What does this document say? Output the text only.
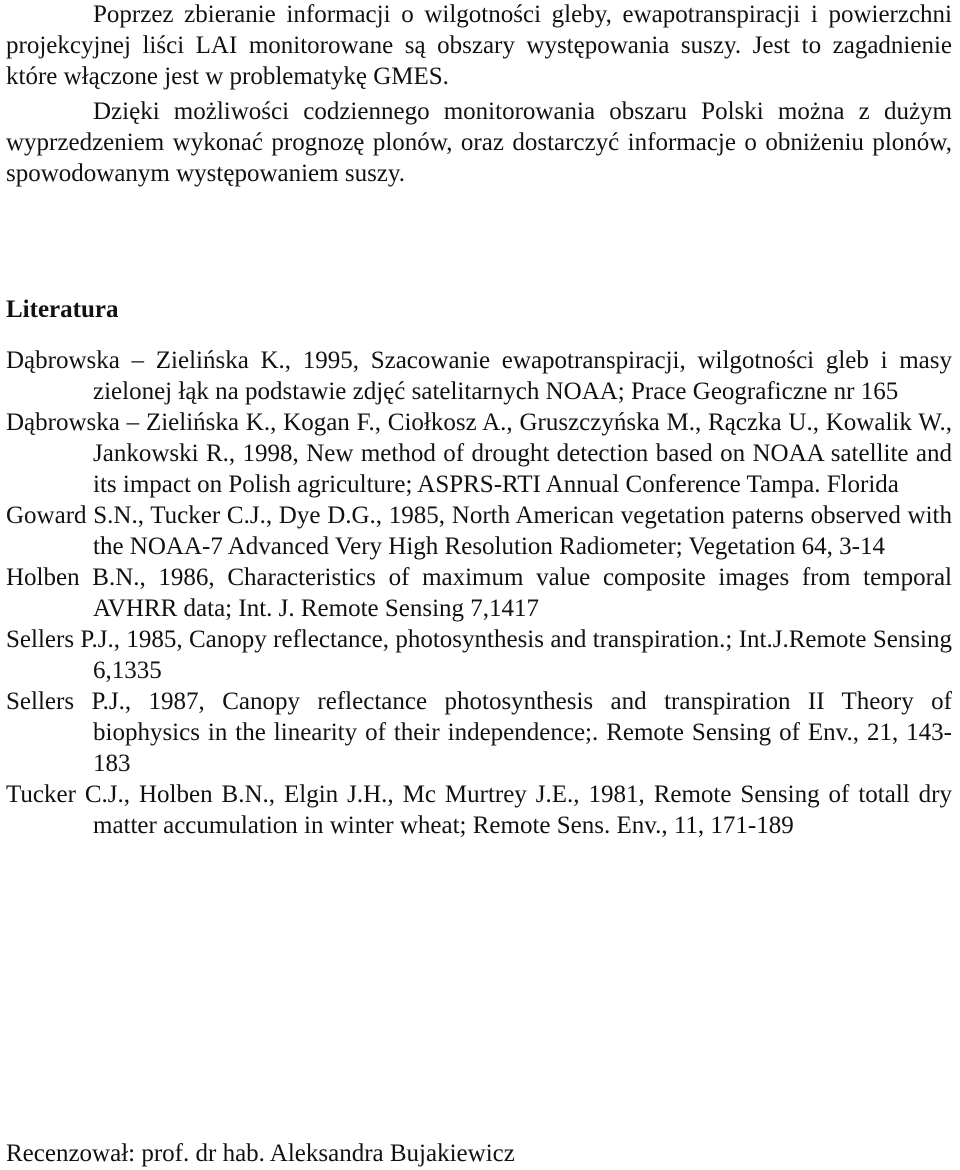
Poprzez zbieranie informacji o wilgotności gleby, ewapotranspiracji i powierzchni projekcyjnej liści LAI monitorowane są obszary występowania suszy. Jest to zagadnienie które włączone jest w problematykę GMES.

Dzięki możliwości codziennego monitorowania obszaru Polski można z dużym wyprzedzeniem wykonać prognozę plonów, oraz dostarczyć informacje o obniżeniu plonów, spowodowanym występowaniem suszy.

Literatura

Dąbrowska – Zielińska K., 1995, Szacowanie ewapotranspiracji, wilgotności gleb i masy zielonej łąk na podstawie zdjęć satelitarnych NOAA; Prace Geograficzne nr 165

Dąbrowska – Zielińska K., Kogan F., Ciołkosz A., Gruszczyńska M., Rączka U., Kowalik W., Jankowski R., 1998, New method of drought detection based on NOAA satellite and its impact on Polish agriculture; ASPRS-RTI Annual Conference Tampa. Florida

Goward S.N., Tucker C.J., Dye D.G., 1985, North American vegetation paterns observed with the NOAA-7 Advanced Very High Resolution Radiometer; Vegetation 64, 3-14

Holben B.N., 1986, Characteristics of maximum value composite images from temporal AVHRR data; Int. J. Remote Sensing 7,1417

Sellers P.J., 1985, Canopy reflectance, photosynthesis and transpiration.; Int.J.Remote Sensing 6,1335

Sellers P.J., 1987, Canopy reflectance photosynthesis and transpiration II Theory of biophysics in the linearity of their independence;. Remote Sensing of Env., 21, 143-183

Tucker C.J., Holben B.N., Elgin J.H., Mc Murtrey J.E., 1981, Remote Sensing of totall dry matter accumulation in winter wheat; Remote Sens. Env., 11, 171-189

Recenzował: prof. dr hab. Aleksandra Bujakiewicz
